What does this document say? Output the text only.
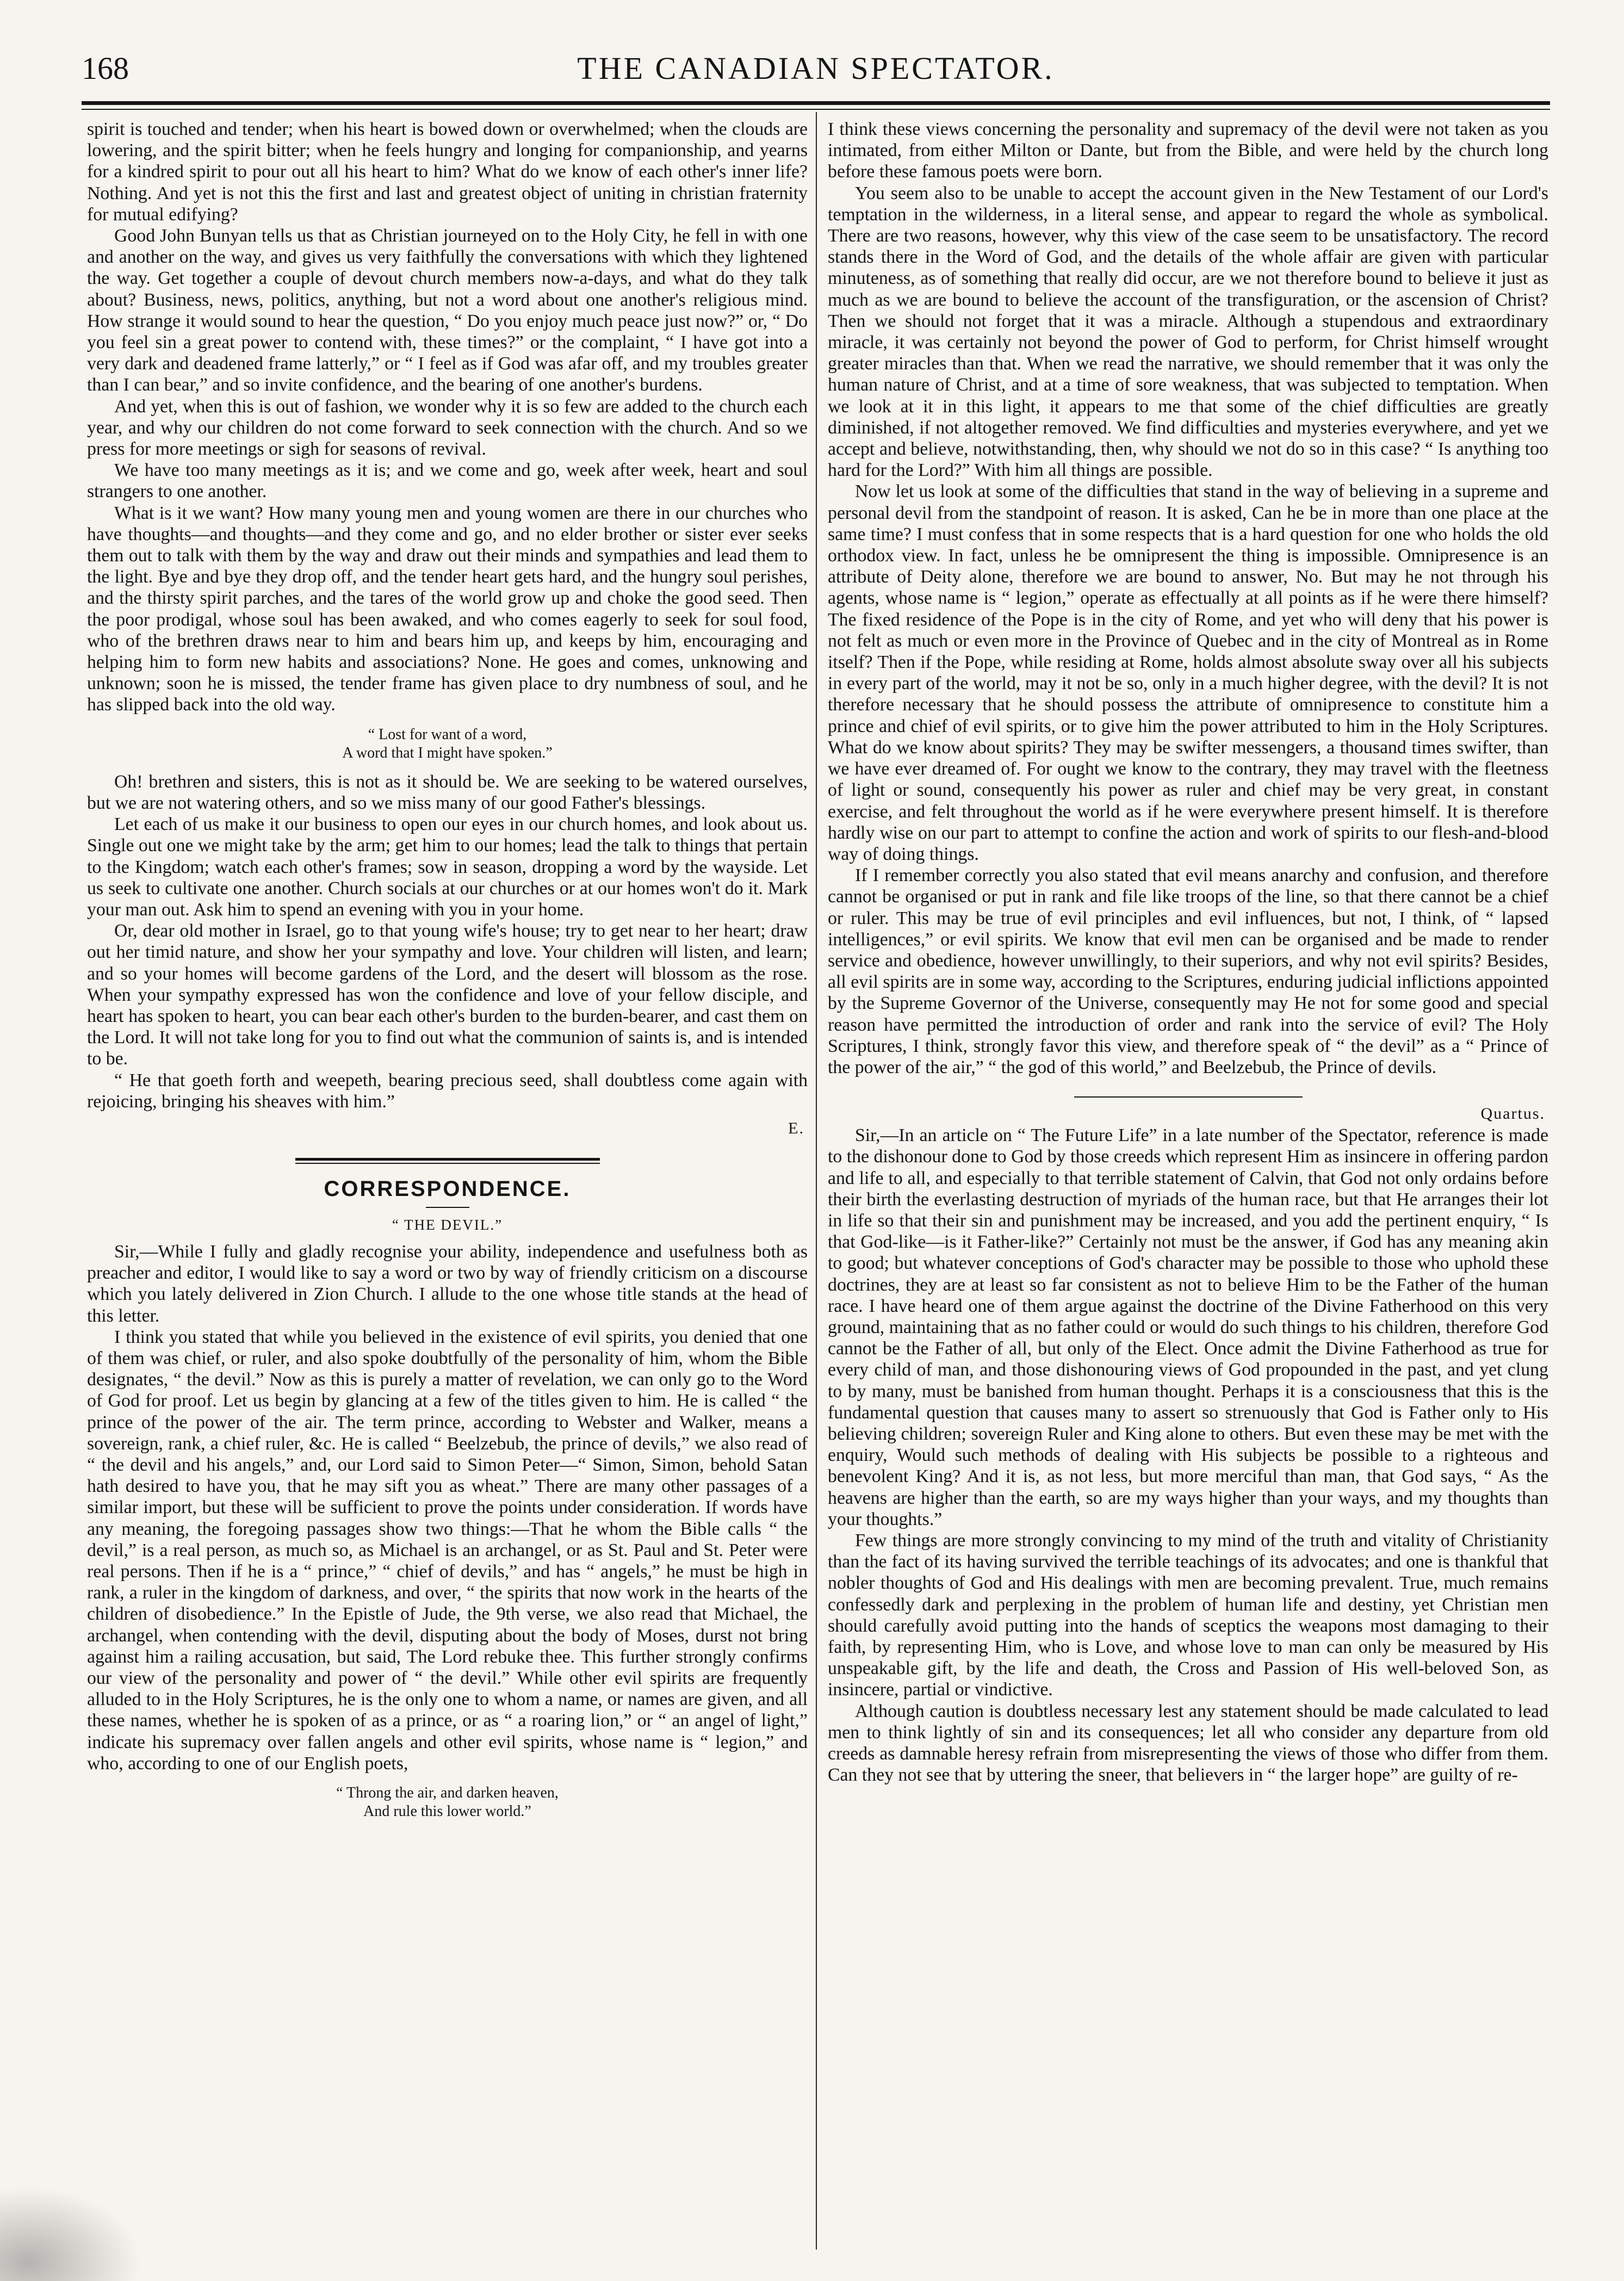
168	THE CANADIAN SPECTATOR.

spirit is touched and tender; when his heart is bowed down or overwhelmed; when the clouds are lowering, and the spirit bitter; when he feels hungry and longing for companionship, and yearns for a kindred spirit to pour out all his heart to him? What do we know of each other's inner life? Nothing. And yet is not this the first and last and greatest object of uniting in christian fraternity for mutual edifying?

Good John Bunyan tells us that as Christian journeyed on to the Holy City, he fell in with one and another on the way, and gives us very faithfully the conversations with which they lightened the way. Get together a couple of devout church members now-a-days, and what do they talk about? Business, news, politics, anything, but not a word about one another's religious mind. How strange it would sound to hear the question, “ Do you enjoy much peace just now?” or, “ Do you feel sin a great power to contend with, these times?” or the complaint, “ I have got into a very dark and deadened frame latterly,” or “ I feel as if God was afar off, and my troubles greater than I can bear,” and so invite confidence, and the bearing of one another's burdens.

And yet, when this is out of fashion, we wonder why it is so few are added to the church each year, and why our children do not come forward to seek connection with the church. And so we press for more meetings or sigh for seasons of revival.

We have too many meetings as it is; and we come and go, week after week, heart and soul strangers to one another.

What is it we want? How many young men and young women are there in our churches who have thoughts—and thoughts—and they come and go, and no elder brother or sister ever seeks them out to talk with them by the way and draw out their minds and sympathies and lead them to the light. Bye and bye they drop off, and the tender heart gets hard, and the hungry soul perishes, and the thirsty spirit parches, and the tares of the world grow up and choke the good seed. Then the poor prodigal, whose soul has been awaked, and who comes eagerly to seek for soul food, who of the brethren draws near to him and bears him up, and keeps by him, encouraging and helping him to form new habits and associations? None. He goes and comes, unknowing and unknown; soon he is missed, the tender frame has given place to dry numbness of soul, and he has slipped back into the old way.

“ Lost for want of a word,
A word that I might have spoken.”

Oh! brethren and sisters, this is not as it should be. We are seeking to be watered ourselves, but we are not watering others, and so we miss many of our good Father's blessings.

Let each of us make it our business to open our eyes in our church homes, and look about us. Single out one we might take by the arm; get him to our homes; lead the talk to things that pertain to the Kingdom; watch each other's frames; sow in season, dropping a word by the wayside. Let us seek to cultivate one another. Church socials at our churches or at our homes won't do it. Mark your man out. Ask him to spend an evening with you in your home.

Or, dear old mother in Israel, go to that young wife's house; try to get near to her heart; draw out her timid nature, and show her your sympathy and love. Your children will listen, and learn; and so your homes will become gardens of the Lord, and the desert will blossom as the rose. When your sympathy expressed has won the confidence and love of your fellow disciple, and heart has spoken to heart, you can bear each other's burden to the burden-bearer, and cast them on the Lord. It will not take long for you to find out what the communion of saints is, and is intended to be.

“ He that goeth forth and weepeth, bearing precious seed, shall doubtless come again with rejoicing, bringing his sheaves with him.”

E.
CORRESPONDENCE.
“ THE DEVIL.”

Sir,—While I fully and gladly recognise your ability, independence and usefulness both as preacher and editor, I would like to say a word or two by way of friendly criticism on a discourse which you lately delivered in Zion Church. I allude to the one whose title stands at the head of this letter.

I think you stated that while you believed in the existence of evil spirits, you denied that one of them was chief, or ruler, and also spoke doubtfully of the personality of him, whom the Bible designates, “ the devil.” Now as this is purely a matter of revelation, we can only go to the Word of God for proof. Let us begin by glancing at a few of the titles given to him. He is called “ the prince of the power of the air. The term prince, according to Webster and Walker, means a sovereign, rank, a chief ruler, &c. He is called “ Beelzebub, the prince of devils,” we also read of “ the devil and his angels,” and, our Lord said to Simon Peter—“ Simon, Simon, behold Satan hath desired to have you, that he may sift you as wheat.” There are many other passages of a similar import, but these will be sufficient to prove the points under consideration. If words have any meaning, the foregoing passages show two things:—That he whom the Bible calls “ the devil,” is a real person, as much so, as Michael is an archangel, or as St. Paul and St. Peter were real persons. Then if he is a “ prince,” “ chief of devils,” and has “ angels,” he must be high in rank, a ruler in the kingdom of darkness, and over, “ the spirits that now work in the hearts of the children of disobedience.” In the Epistle of Jude, the 9th verse, we also read that Michael, the archangel, when contending with the devil, disputing about the body of Moses, durst not bring against him a railing accusation, but said, The Lord rebuke thee. This further strongly confirms our view of the personality and power of “ the devil.” While other evil spirits are frequently alluded to in the Holy Scriptures, he is the only one to whom a name, or names are given, and all these names, whether he is spoken of as a prince, or as “ a roaring lion,” or “ an angel of light,” indicate his supremacy over fallen angels and other evil spirits, whose name is “ legion,” and who, according to one of our English poets,

“ Throng the air, and darken heaven,
And rule this lower world.”

I think these views concerning the personality and supremacy of the devil were not taken as you intimated, from either Milton or Dante, but from the Bible, and were held by the church long before these famous poets were born.

You seem also to be unable to accept the account given in the New Testament of our Lord's temptation in the wilderness, in a literal sense, and appear to regard the whole as symbolical. There are two reasons, however, why this view of the case seem to be unsatisfactory. The record stands there in the Word of God, and the details of the whole affair are given with particular minuteness, as of something that really did occur, are we not therefore bound to believe it just as much as we are bound to believe the account of the transfiguration, or the ascension of Christ? Then we should not forget that it was a miracle. Although a stupendous and extraordinary miracle, it was certainly not beyond the power of God to perform, for Christ himself wrought greater miracles than that. When we read the narrative, we should remember that it was only the human nature of Christ, and at a time of sore weakness, that was subjected to temptation. When we look at it in this light, it appears to me that some of the chief difficulties are greatly diminished, if not altogether removed. We find difficulties and mysteries everywhere, and yet we accept and believe, notwithstanding, then, why should we not do so in this case? “ Is anything too hard for the Lord?” With him all things are possible.

Now let us look at some of the difficulties that stand in the way of believing in a supreme and personal devil from the standpoint of reason. It is asked, Can he be in more than one place at the same time? I must confess that in some respects that is a hard question for one who holds the old orthodox view. In fact, unless he be omnipresent the thing is impossible. Omnipresence is an attribute of Deity alone, therefore we are bound to answer, No. But may he not through his agents, whose name is “ legion,” operate as effectually at all points as if he were there himself? The fixed residence of the Pope is in the city of Rome, and yet who will deny that his power is not felt as much or even more in the Province of Quebec and in the city of Montreal as in Rome itself? Then if the Pope, while residing at Rome, holds almost absolute sway over all his subjects in every part of the world, may it not be so, only in a much higher degree, with the devil? It is not therefore necessary that he should possess the attribute of omnipresence to constitute him a prince and chief of evil spirits, or to give him the power attributed to him in the Holy Scriptures. What do we know about spirits? They may be swifter messengers, a thousand times swifter, than we have ever dreamed of. For ought we know to the contrary, they may travel with the fleetness of light or sound, consequently his power as ruler and chief may be very great, in constant exercise, and felt throughout the world as if he were everywhere present himself. It is therefore hardly wise on our part to attempt to confine the action and work of spirits to our flesh-and-blood way of doing things.

If I remember correctly you also stated that evil means anarchy and confusion, and therefore cannot be organised or put in rank and file like troops of the line, so that there cannot be a chief or ruler. This may be true of evil principles and evil influences, but not, I think, of “ lapsed intelligences,” or evil spirits. We know that evil men can be organised and be made to render service and obedience, however unwillingly, to their superiors, and why not evil spirits? Besides, all evil spirits are in some way, according to the Scriptures, enduring judicial inflictions appointed by the Supreme Governor of the Universe, consequently may He not for some good and special reason have permitted the introduction of order and rank into the service of evil? The Holy Scriptures, I think, strongly favor this view, and therefore speak of “ the devil” as a “ Prince of the power of the air,” “ the god of this world,” and Beelzebub, the Prince of devils.

Quartus.

Sir,—In an article on “ The Future Life” in a late number of the Spectator, reference is made to the dishonour done to God by those creeds which represent Him as insincere in offering pardon and life to all, and especially to that terrible statement of Calvin, that God not only ordains before their birth the everlasting destruction of myriads of the human race, but that He arranges their lot in life so that their sin and punishment may be increased, and you add the pertinent enquiry, “ Is that God-like—is it Father-like?” Certainly not must be the answer, if God has any meaning akin to good; but whatever conceptions of God's character may be possible to those who uphold these doctrines, they are at least so far consistent as not to believe Him to be the Father of the human race. I have heard one of them argue against the doctrine of the Divine Fatherhood on this very ground, maintaining that as no father could or would do such things to his children, therefore God cannot be the Father of all, but only of the Elect. Once admit the Divine Fatherhood as true for every child of man, and those dishonouring views of God propounded in the past, and yet clung to by many, must be banished from human thought. Perhaps it is a consciousness that this is the fundamental question that causes many to assert so strenuously that God is Father only to His believing children; sovereign Ruler and King alone to others. But even these may be met with the enquiry, Would such methods of dealing with His subjects be possible to a righteous and benevolent King? And it is, as not less, but more merciful than man, that God says, “ As the heavens are higher than the earth, so are my ways higher than your ways, and my thoughts than your thoughts.”

Few things are more strongly convincing to my mind of the truth and vitality of Christianity than the fact of its having survived the terrible teachings of its advocates; and one is thankful that nobler thoughts of God and His dealings with men are becoming prevalent. True, much remains confessedly dark and perplexing in the problem of human life and destiny, yet Christian men should carefully avoid putting into the hands of sceptics the weapons most damaging to their faith, by representing Him, who is Love, and whose love to man can only be measured by His unspeakable gift, by the life and death, the Cross and Passion of His well-beloved Son, as insincere, partial or vindictive.

Although caution is doubtless necessary lest any statement should be made calculated to lead men to think lightly of sin and its consequences; let all who consider any departure from old creeds as damnable heresy refrain from misrepresenting the views of those who differ from them. Can they not see that by uttering the sneer, that believers in “ the larger hope” are guilty of re-
